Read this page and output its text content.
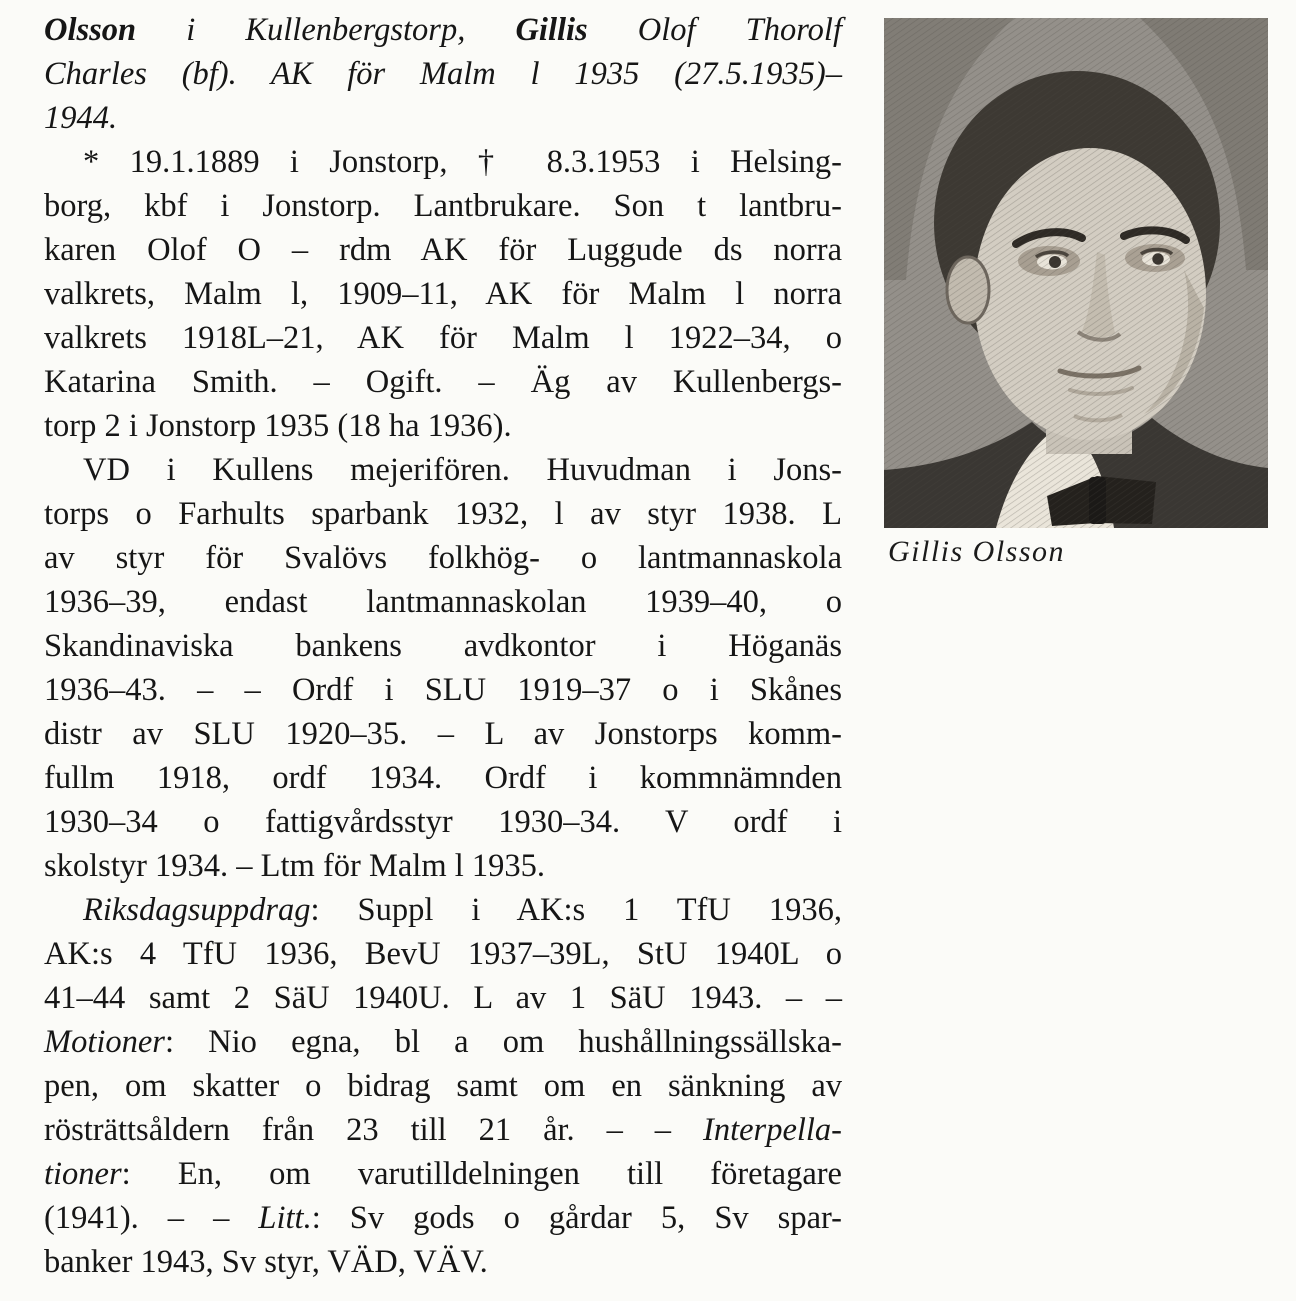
Olsson i Kullenbergstorp, Gillis Olof Thorolf
Charles (bf). AK för Malm l 1935 (27.5.1935)–
1944.
* 19.1.1889 i Jonstorp, † 8.3.1953 i Helsing-
borg, kbf i Jonstorp. Lantbrukare. Son t lantbru-
karen Olof O – rdm AK för Luggude ds norra
valkrets, Malm l, 1909–11, AK för Malm l norra
valkrets 1918L–21, AK för Malm l 1922–34, o
Katarina Smith. – Ogift. – Äg av Kullenbergs-
torp 2 i Jonstorp 1935 (18 ha 1936).
VD i Kullens mejerifören. Huvudman i Jons-
torps o Farhults sparbank 1932, l av styr 1938. L
av styr för Svalövs folkhög- o lantmannaskola
1936–39, endast lantmannaskolan 1939–40, o
Skandinaviska bankens avdkontor i Höganäs
1936–43. – – Ordf i SLU 1919–37 o i Skånes
distr av SLU 1920–35. – L av Jonstorps komm-
fullm 1918, ordf 1934. Ordf i kommnämnden
1930–34 o fattigvårdsstyr 1930–34. V ordf i
skolstyr 1934. – Ltm för Malm l 1935.
Riksdagsuppdrag: Suppl i AK:s 1 TfU 1936,
AK:s 4 TfU 1936, BevU 1937–39L, StU 1940L o
41–44 samt 2 SäU 1940U. L av 1 SäU 1943. – –
Motioner: Nio egna, bl a om hushållningssällska-
pen, om skatter o bidrag samt om en sänkning av
rösträttsåldern från 23 till 21 år. – – Interpella-
tioner: En, om varutilldelningen till företagare
(1941). – – Litt.: Sv gods o gårdar 5, Sv spar-
banker 1943, Sv styr, VÄD, VÄV.
Gillis Olsson
